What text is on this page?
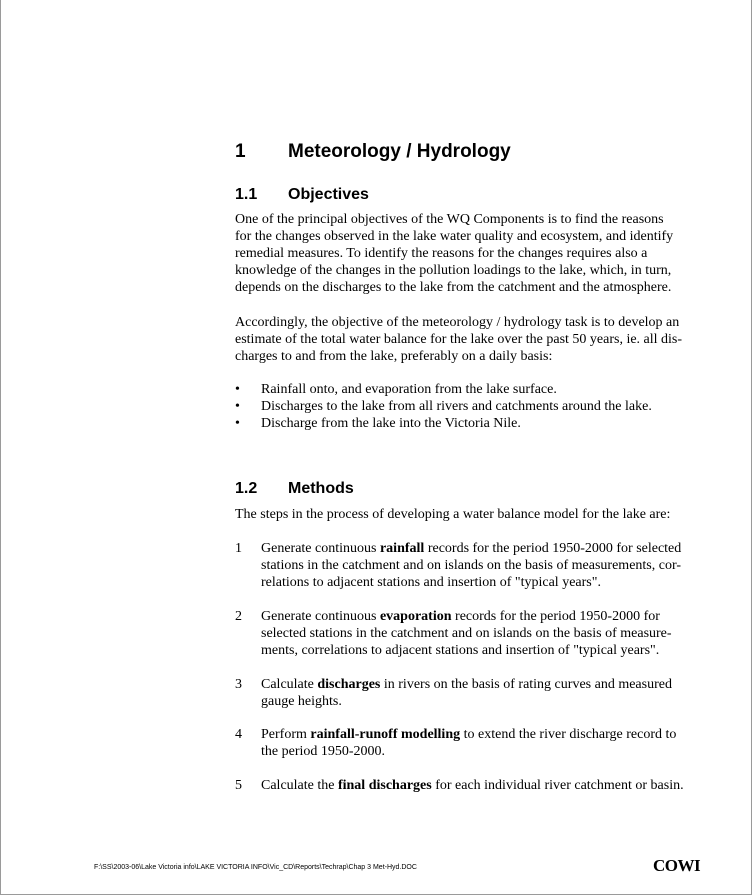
1 Meteorology / Hydrology
1.1 Objectives
One of the principal objectives of the WQ Components is to find the reasons
for the changes observed in the lake water quality and ecosystem, and identify
remedial measures. To identify the reasons for the changes requires also a
knowledge of the changes in the pollution loadings to the lake, which, in turn,
depends on the discharges to the lake from the catchment and the atmosphere.
Accordingly, the objective of the meteorology / hydrology task is to develop an
estimate of the total water balance for the lake over the past 50 years, ie. all dis-
charges to and from the lake, preferably on a daily basis:
• Rainfall onto, and evaporation from the lake surface.
• Discharges to the lake from all rivers and catchments around the lake.
• Discharge from the lake into the Victoria Nile.
1.2 Methods
The steps in the process of developing a water balance model for the lake are:
1 Generate continuous rainfall records for the period 1950-2000 for selected
stations in the catchment and on islands on the basis of measurements, cor-
relations to adjacent stations and insertion of "typical years".
2 Generate continuous evaporation records for the period 1950-2000 for
selected stations in the catchment and on islands on the basis of measure-
ments, correlations to adjacent stations and insertion of "typical years".
3 Calculate discharges in rivers on the basis of rating curves and measured
gauge heights.
4 Perform rainfall-runoff modelling to extend the river discharge record to
the period 1950-2000.
5 Calculate the final discharges for each individual river catchment or basin.
F:\SS\2003-06\Lake Victoria info\LAKE VICTORIA INFO\Vic_CD\Reports\Techrap\Chap 3 Met-Hyd.DOC	COWI
